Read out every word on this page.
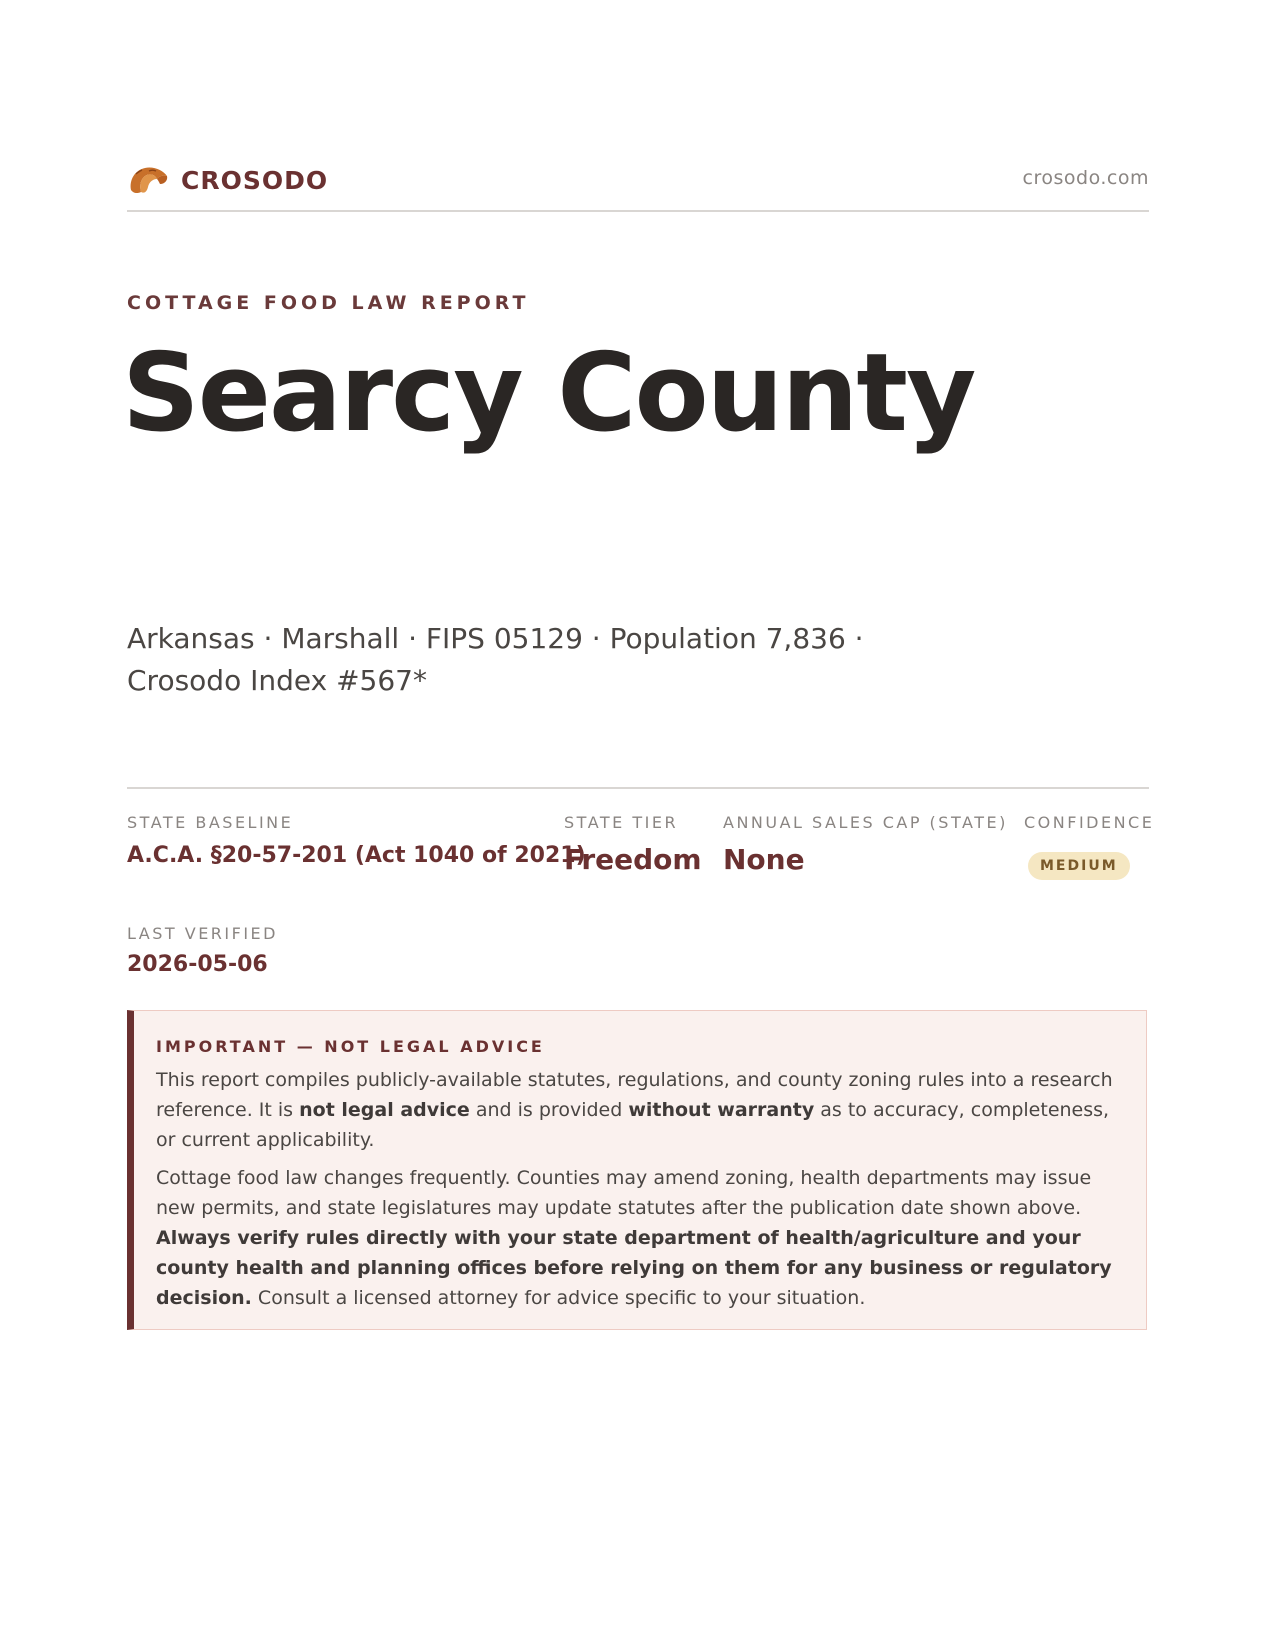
CROSODO	crosodo.com
COTTAGE FOOD LAW REPORT
Searcy County
Arkansas · Marshall · FIPS 05129 · Population 7,836 ·
Crosodo Index #567*
STATE BASELINE
A.C.A. §20-57-201 (Act 1040 of 2021)
STATE TIER
Freedom
ANNUAL SALES CAP (STATE)
None
CONFIDENCE
MEDIUM
LAST VERIFIED
2026-05-06
IMPORTANT — NOT LEGAL ADVICE

This report compiles publicly-available statutes, regulations, and county zoning rules into a research reference. It is not legal advice and is provided without warranty as to accuracy, completeness, or current applicability.

Cottage food law changes frequently. Counties may amend zoning, health departments may issue new permits, and state legislatures may update statutes after the publication date shown above. Always verify rules directly with your state department of health/agriculture and your county health and planning offices before relying on them for any business or regulatory decision. Consult a licensed attorney for advice specific to your situation.
